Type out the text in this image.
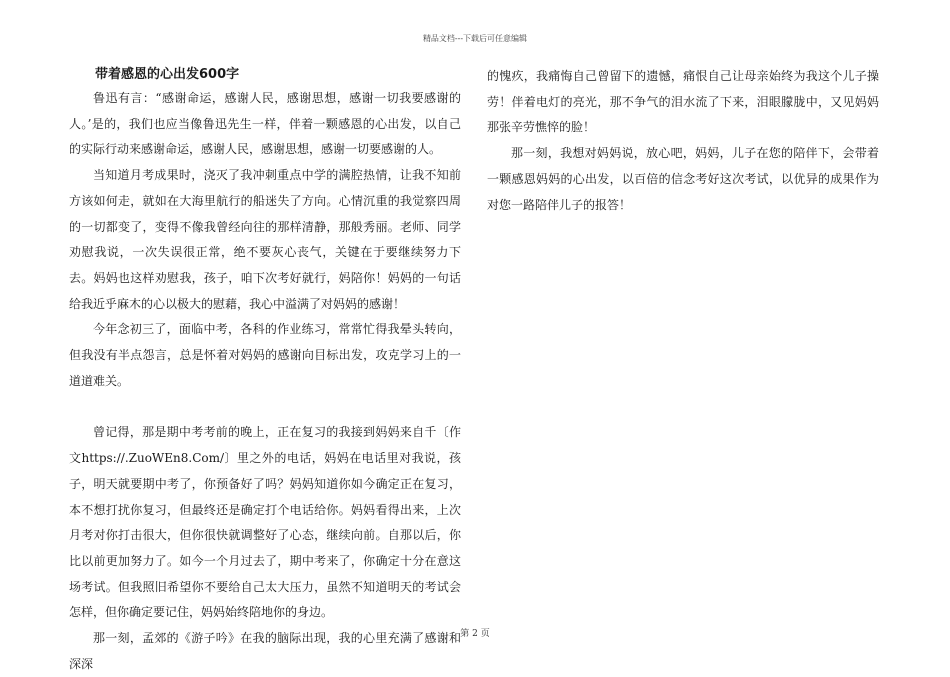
精品文档---下载后可任意编辑

带着感恩的心出发600字

鲁迅有言：“感谢命运，感谢人民，感谢思想，感谢一切我要感谢的人。’是的，我们也应当像鲁迅先生一样，伴着一颗感恩的心出发，以自己的实际行动来感谢命运，感谢人民，感谢思想，感谢一切要感谢的人。

当知道月考成果时，浇灭了我冲刺重点中学的满腔热情，让我不知前方该如何走，就如在大海里航行的船迷失了方向。心情沉重的我觉察四周的一切都变了，变得不像我曾经向往的那样清静，那般秀丽。老师、同学劝慰我说，一次失误很正常，绝不要灰心丧气，关键在于要继续努力下去。妈妈也这样劝慰我，孩子，咱下次考好就行，妈陪你！妈妈的一句话给我近乎麻木的心以极大的慰藉，我心中溢满了对妈妈的感谢！

今年念初三了，面临中考，各科的作业练习，常常忙得我晕头转向，但我没有半点怨言，总是怀着对妈妈的感谢向目标出发，攻克学习上的一道道难关。

曾记得，那是期中考考前的晚上，正在复习的我接到妈妈来自千〔作文https://.ZuoWEn8.Com/〕里之外的电话，妈妈在电话里对我说，孩子，明天就要期中考了，你预备好了吗？妈妈知道你如今确定正在复习，本不想打扰你复习，但最终还是确定打个电话给你。妈妈看得出来，上次月考对你打击很大，但你很快就调整好了心态，继续向前。自那以后，你比以前更加努力了。如今一个月过去了，期中考来了，你确定十分在意这场考试。但我照旧希望你不要给自己太大压力，虽然不知道明天的考试会怎样，但你确定要记住，妈妈始终陪地你的身边。

那一刻，孟郊的《游子吟》在我的脑际出现，我的心里充满了感谢和深深

的愧疚，我痛悔自己曾留下的遗憾，痛恨自己让母亲始终为我这个儿子操劳！伴着电灯的亮光，那不争气的泪水流了下来，泪眼朦胧中，又见妈妈那张辛劳憔悴的脸！

那一刻，我想对妈妈说，放心吧，妈妈，儿子在您的陪伴下，会带着一颗感恩妈妈的心出发，以百倍的信念考好这次考试，以优异的成果作为对您一路陪伴儿子的报答！

第 2 页
